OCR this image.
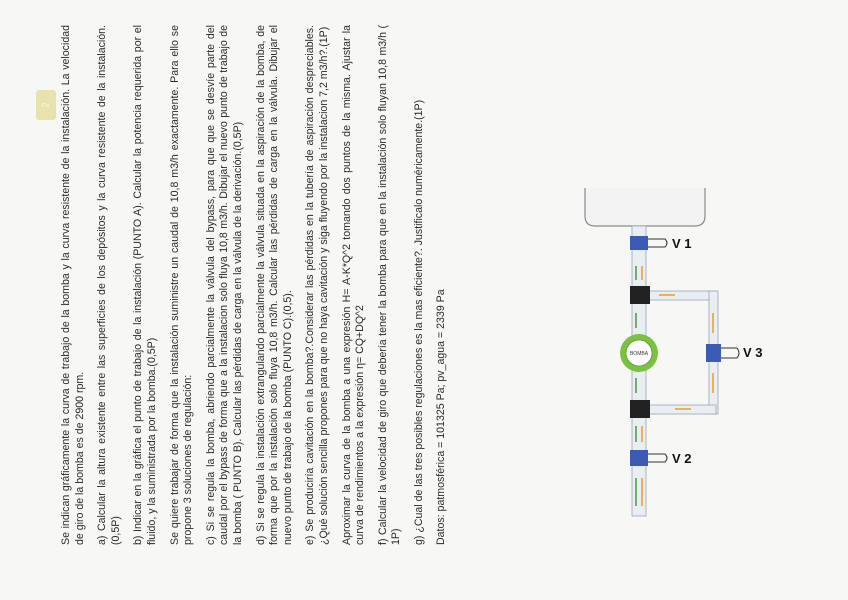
2 Se indican gráficamente la curva de trabajo de la bomba y la curva resistente de la instalación. La velocidad de giro de la bomba es de 2900 rpm. a) Calcular la altura existente entre las superficies de los depósitos y la curva resistente de la instalación. (0,5P) b) Indicar en la gráfica el punto de trabajo de la instalación (PUNTO A). Calcular la potencia requerida por el fluido, y la suministrada por la bomba.(0,5P) Se quiere trabajar de forma que la instalación suministre un caudal de 10,8 m3/h exactamente. Para ello se propone 3 soluciones de regulación: c) Si se regula la bomba, abriendo parcialmente la válvula del bypass, para que que se desvíe parte del caudal por el bypass de forma que a la instalacion solo fluya 10,8 m3/h. Dibujar el nuevo punto de trabajo de la bomba ( PUNTO B). Calcular las pérdidas de carga en la válvula de la derivación.(0,5P) d) Si se regula la instalación extrangulando parcialmente la válvula situada en la aspiración de la bomba, de forma que por la instalación solo fluya 10,8 m3/h. Calcular las pérdidas de carga en la válvula. Dibujar el nuevo punto de trabajo de la bomba (PUNTO C).(0,5). e) Se produciría cavitación en la bomba?.Considerar las pérdidas en la tubería de aspiración despreciables. ¿Qué solución sencilla propones para que no haya cavitación y siga fluyendo por la instalacion 7,2 m3/h?.(1P) Aproximar la curva de la bomba a una expresión H= A-K*Q^2 tomando dos puntos de la misma. Ajustar la curva de rendimientos a la expresión η= CQ+DQ^2 f) Calcular la velocidad de giro que debería tener la bomba para que en la instalación solo fluyan 10,8 m3/h ( 1P) g) ¿Cual de las tres posibles regulaciones es la mas eficiente?. Justificalo numéricamente.(1P) Datos: patmosférica = 101325 Pa; pv_agua = 2339 Pa

V 1
V 3
V 2
BOMBA
